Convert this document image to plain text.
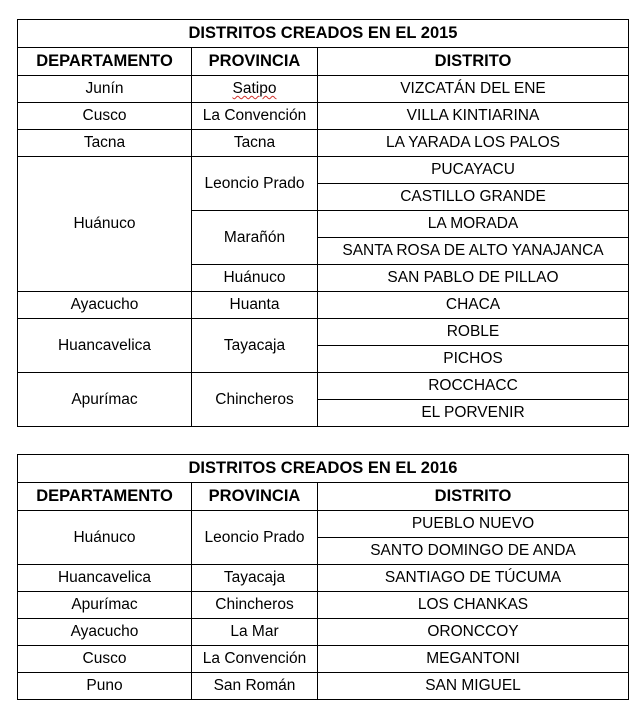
DISTRITOS CREADOS EN EL 2015		
DEPARTAMENTO	PROVINCIA	DISTRITO
Junín	Satipo	VIZCATÁN DEL ENE
Cusco	La Convención	VILLA KINTIARINA
Tacna	Tacna	LA YARADA LOS PALOS
Huánuco	Leoncio Prado	PUCAYACU
		CASTILLO GRANDE
	Marañón	LA MORADA
		SANTA ROSA DE ALTO YANAJANCA
	Huánuco	SAN PABLO DE PILLAO
Ayacucho	Huanta	CHACA
Huancavelica	Tayacaja	ROBLE
		PICHOS
Apurímac	Chincheros	ROCCHACC
		EL PORVENIR
DISTRITOS CREADOS EN EL 2016		
DEPARTAMENTO	PROVINCIA	DISTRITO
Huánuco	Leoncio Prado	PUEBLO NUEVO
		SANTO DOMINGO DE ANDA
Huancavelica	Tayacaja	SANTIAGO DE TÚCUMA
Apurímac	Chincheros	LOS CHANKAS
Ayacucho	La Mar	ORONCCOY
Cusco	La Convención	MEGANTONI
Puno	San Román	SAN MIGUEL
